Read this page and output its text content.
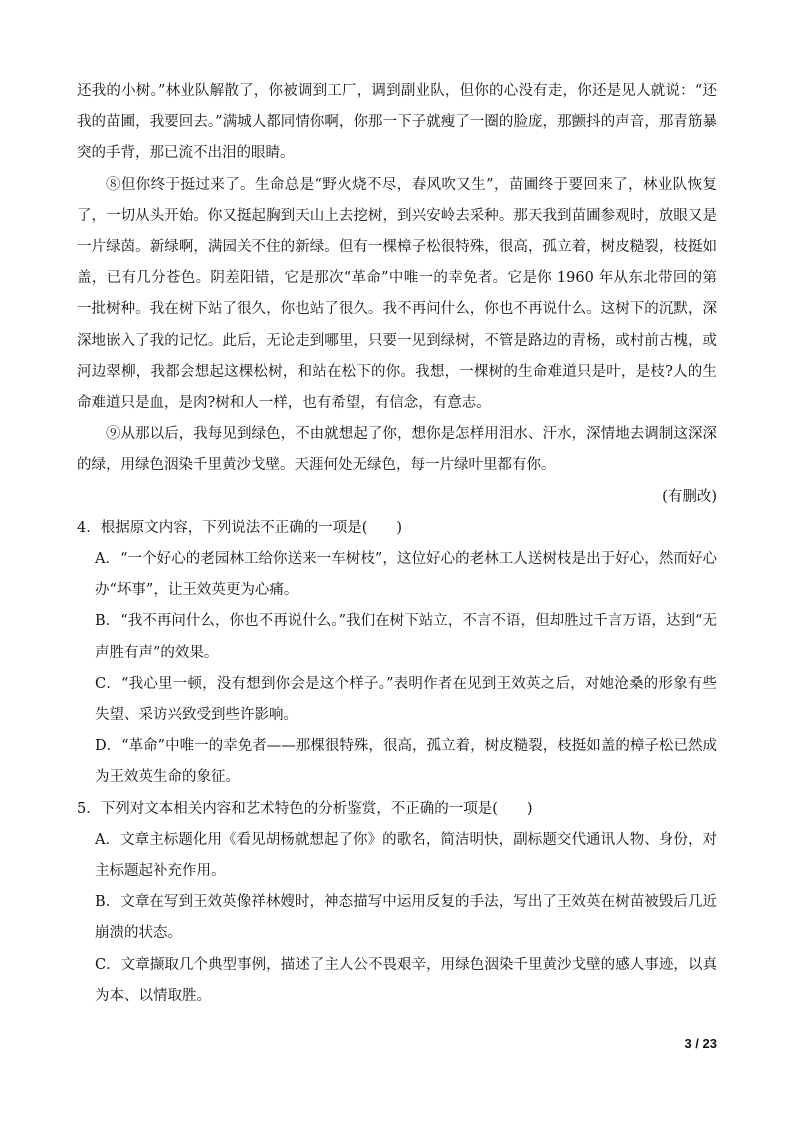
还我的小树。”林业队解散了，你被调到工厂，调到副业队，但你的心没有走，你还是见人就说：“还我的苗圃，我要回去。”满城人都同情你啊，你那一下子就瘦了一圈的脸庞，那颤抖的声音，那青筋暴突的手背，那已流不出泪的眼睛。

⑧但你终于挺过来了。生命总是“野火烧不尽，春风吹又生”，苗圃终于要回来了，林业队恢复了，一切从头开始。你又挺起胸到天山上去挖树，到兴安岭去采种。那天我到苗圃参观时，放眼又是一片绿茵。新绿啊，满园关不住的新绿。但有一棵樟子松很特殊，很高，孤立着，树皮糙裂，枝挺如盖，已有几分苍色。阴差阳错，它是那次“革命”中唯一的幸免者。它是你 1960 年从东北带回的第一批树种。我在树下站了很久，你也站了很久。我不再问什么，你也不再说什么。这树下的沉默，深深地嵌入了我的记忆。此后，无论走到哪里，只要一见到绿树，不管是路边的青杨，或村前古槐，或河边翠柳，我都会想起这棵松树，和站在松下的你。我想，一棵树的生命难道只是叶，是枝?人的生命难道只是血，是肉?树和人一样，也有希望，有信念，有意志。

⑨从那以后，我每见到绿色，不由就想起了你，想你是怎样用泪水、汗水，深情地去调制这深深的绿，用绿色洇染千里黄沙戈壁。天涯何处无绿色，每一片绿叶里都有你。

(有删改)

4．根据原文内容，下列说法不正确的一项是(　　)

A．“一个好心的老园林工给你送来一车树枝”，这位好心的老林工人送树枝是出于好心，然而好心办“坏事”，让王效英更为心痛。

B．“我不再问什么，你也不再说什么。”我们在树下站立，不言不语，但却胜过千言万语，达到“无声胜有声”的效果。

C．“我心里一顿，没有想到你会是这个样子。”表明作者在见到王效英之后，对她沧桑的形象有些失望、采访兴致受到些许影响。

D．“革命”中唯一的幸免者——那棵很特殊，很高，孤立着，树皮糙裂，枝挺如盖的樟子松已然成为王效英生命的象征。

5．下列对文本相关内容和艺术特色的分析鉴赏，不正确的一项是(　　)

A．文章主标题化用《看见胡杨就想起了你》的歌名，简洁明快，副标题交代通讯人物、身份，对主标题起补充作用。

B．文章在写到王效英像祥林嫂时，神态描写中运用反复的手法，写出了王效英在树苗被毁后几近崩溃的状态。

C．文章撷取几个典型事例，描述了主人公不畏艰辛，用绿色洇染千里黄沙戈壁的感人事迹，以真为本、以情取胜。

3 / 23
